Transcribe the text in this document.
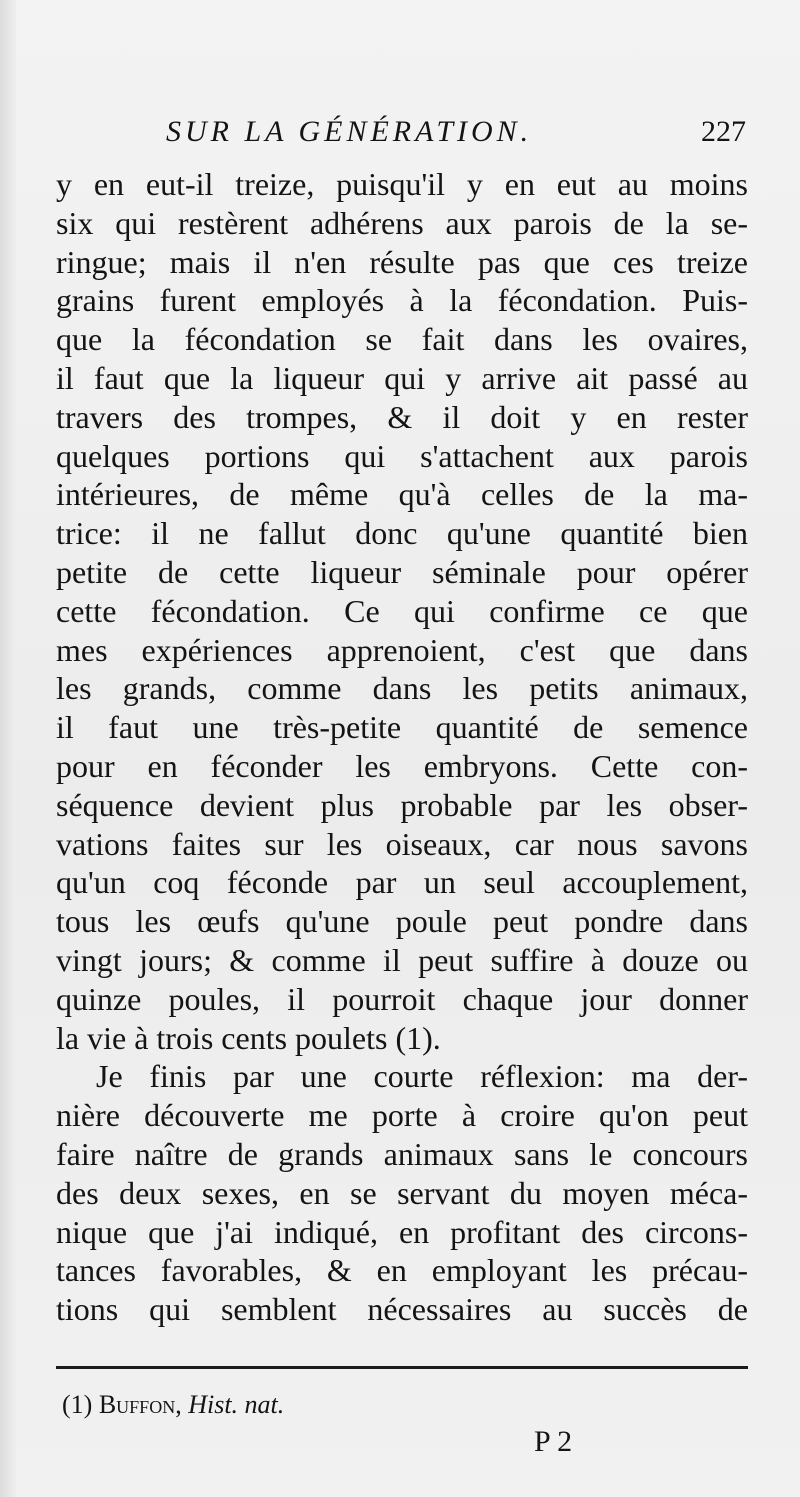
SUR LA GÉNÉRATION.	227
y en eut-il treize, puisqu'il y en eut au moins
six qui restèrent adhérens aux parois de la se-
ringue; mais il n'en résulte pas que ces treize
grains furent employés à la fécondation. Puis-
que la fécondation se fait dans les ovaires,
il faut que la liqueur qui y arrive ait passé au
travers des trompes, & il doit y en rester
quelques portions qui s'attachent aux parois
intérieures, de même qu'à celles de la ma-
trice: il ne fallut donc qu'une quantité bien
petite de cette liqueur séminale pour opérer
cette fécondation. Ce qui confirme ce que
mes expériences apprenoient, c'est que dans
les grands, comme dans les petits animaux,
il faut une très-petite quantité de semence
pour en féconder les embryons. Cette con-
séquence devient plus probable par les obser-
vations faites sur les oiseaux, car nous savons
qu'un coq féconde par un seul accouplement,
tous les œufs qu'une poule peut pondre dans
vingt jours; & comme il peut suffire à douze ou
quinze poules, il pourroit chaque jour donner
la vie à trois cents poulets (1).
Je finis par une courte réflexion: ma der-
nière découverte me porte à croire qu'on peut
faire naître de grands animaux sans le concours
des deux sexes, en se servant du moyen méca-
nique que j'ai indiqué, en profitant des circons-
tances favorables, & en employant les précau-
tions qui semblent nécessaires au succès de
(1) Buffon, Hist. nat.
P 2
